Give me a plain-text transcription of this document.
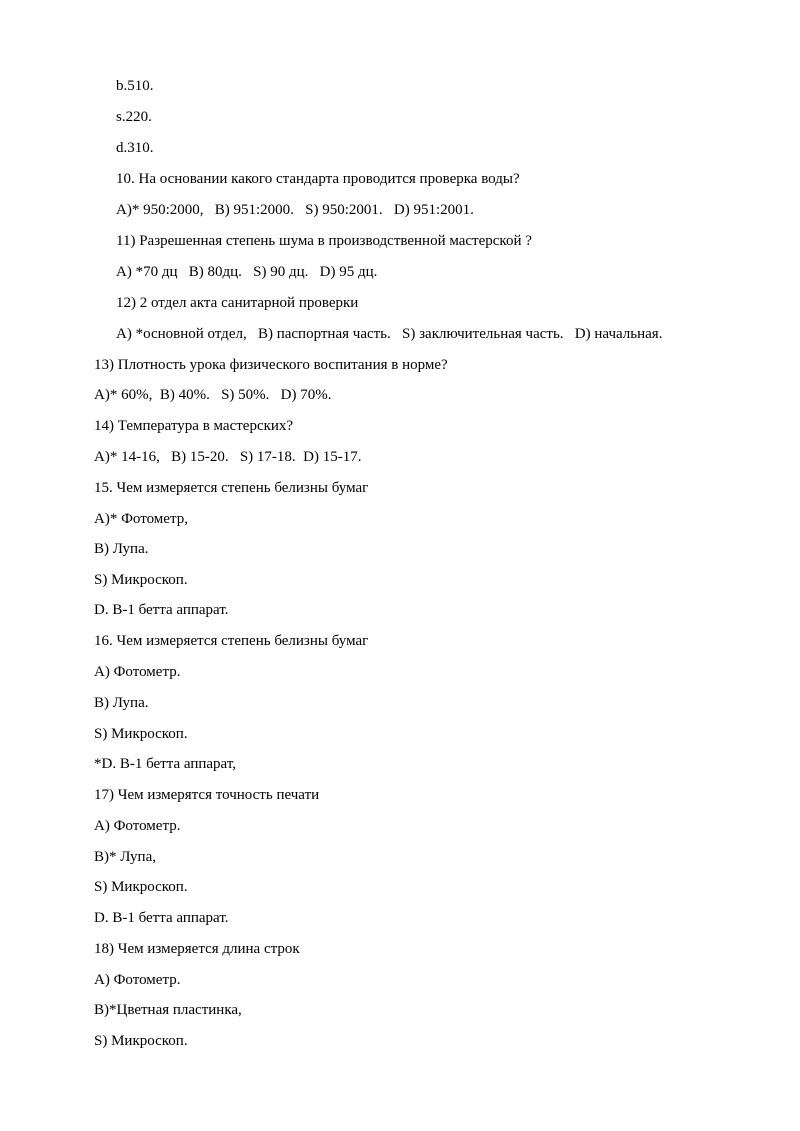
b.510.
s.220.
d.310.
10. На основании какого стандарта проводится проверка воды?
A)* 950:2000,   B) 951:2000.   S) 950:2001.   D) 951:2001.
11) Разрешенная степень шума в производственной мастерской ?
A) *70 дц   B) 80дц.   S) 90 дц.   D) 95 дц.
12) 2 отдел акта санитарной проверки
A) *основной отдел,   B) паспортная часть.   S) заключительная часть.   D) начальная.
13) Плотность урока физического воспитания в норме?
A)* 60%,  B) 40%.   S) 50%.   D) 70%.
14) Температура в мастерских?
A)* 14-16,   B) 15-20.   S) 17-18.  D) 15-17.
15. Чем измеряется степень белизны бумаг
A)* Фотометр,
B) Лупа.
S) Микроскоп.
D. B-1 бетта аппарат.
16. Чем измеряется степень белизны бумаг
A) Фотометр.
B) Лупа.
S) Микроскоп.
*D. B-1 бетта аппарат,
17) Чем измерятся точность печати
A) Фотометр.
B)* Лупа,
S) Микроскоп.
D. B-1 бетта аппарат.
18) Чем измеряется длина строк
A) Фотометр.
B)*Цветная пластинка,
S) Микроскоп.
